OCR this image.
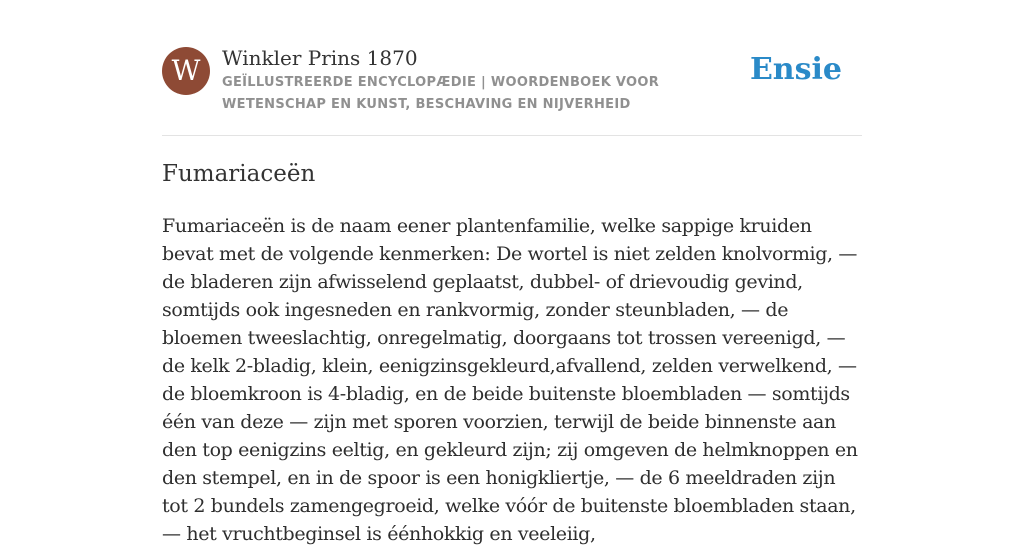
W	Winkler Prins 1870
GEÏLLUSTREERDE ENCYCLOPÆDIE | WOORDENBOEK VOOR WETENSCHAP EN KUNST, BESCHAVING EN NIJVERHEID
Ensie
Fumariaceën

Fumariaceën is de naam eener plantenfamilie, welke sappige kruiden bevat met de volgende kenmerken: De wortel is niet zelden knolvormig, — de bladeren zijn afwisselend geplaatst, dubbel- of drievoudig gevind, somtijds ook ingesneden en rankvormig, zonder steunbladen, — de bloemen tweeslachtig, onregelmatig, doorgaans tot trossen vereenigd, — de kelk 2-bladig, klein, eenigzinsgekleurd,afvallend, zelden verwelkend, — de bloemkroon is 4-bladig, en de beide buitenste bloembladen — somtijds één van deze — zijn met sporen voorzien, terwijl de beide binnenste aan den top eenigzins eeltig, en gekleurd zijn; zij omgeven de helmknoppen en den stempel, en in de spoor is een honigkliertje, — de 6 meeldraden zijn tot 2 bundels zamengegroeid, welke vóór de buitenste bloembladen staan, — het vruchtbeginsel is éénhokkig en veeleiig,
